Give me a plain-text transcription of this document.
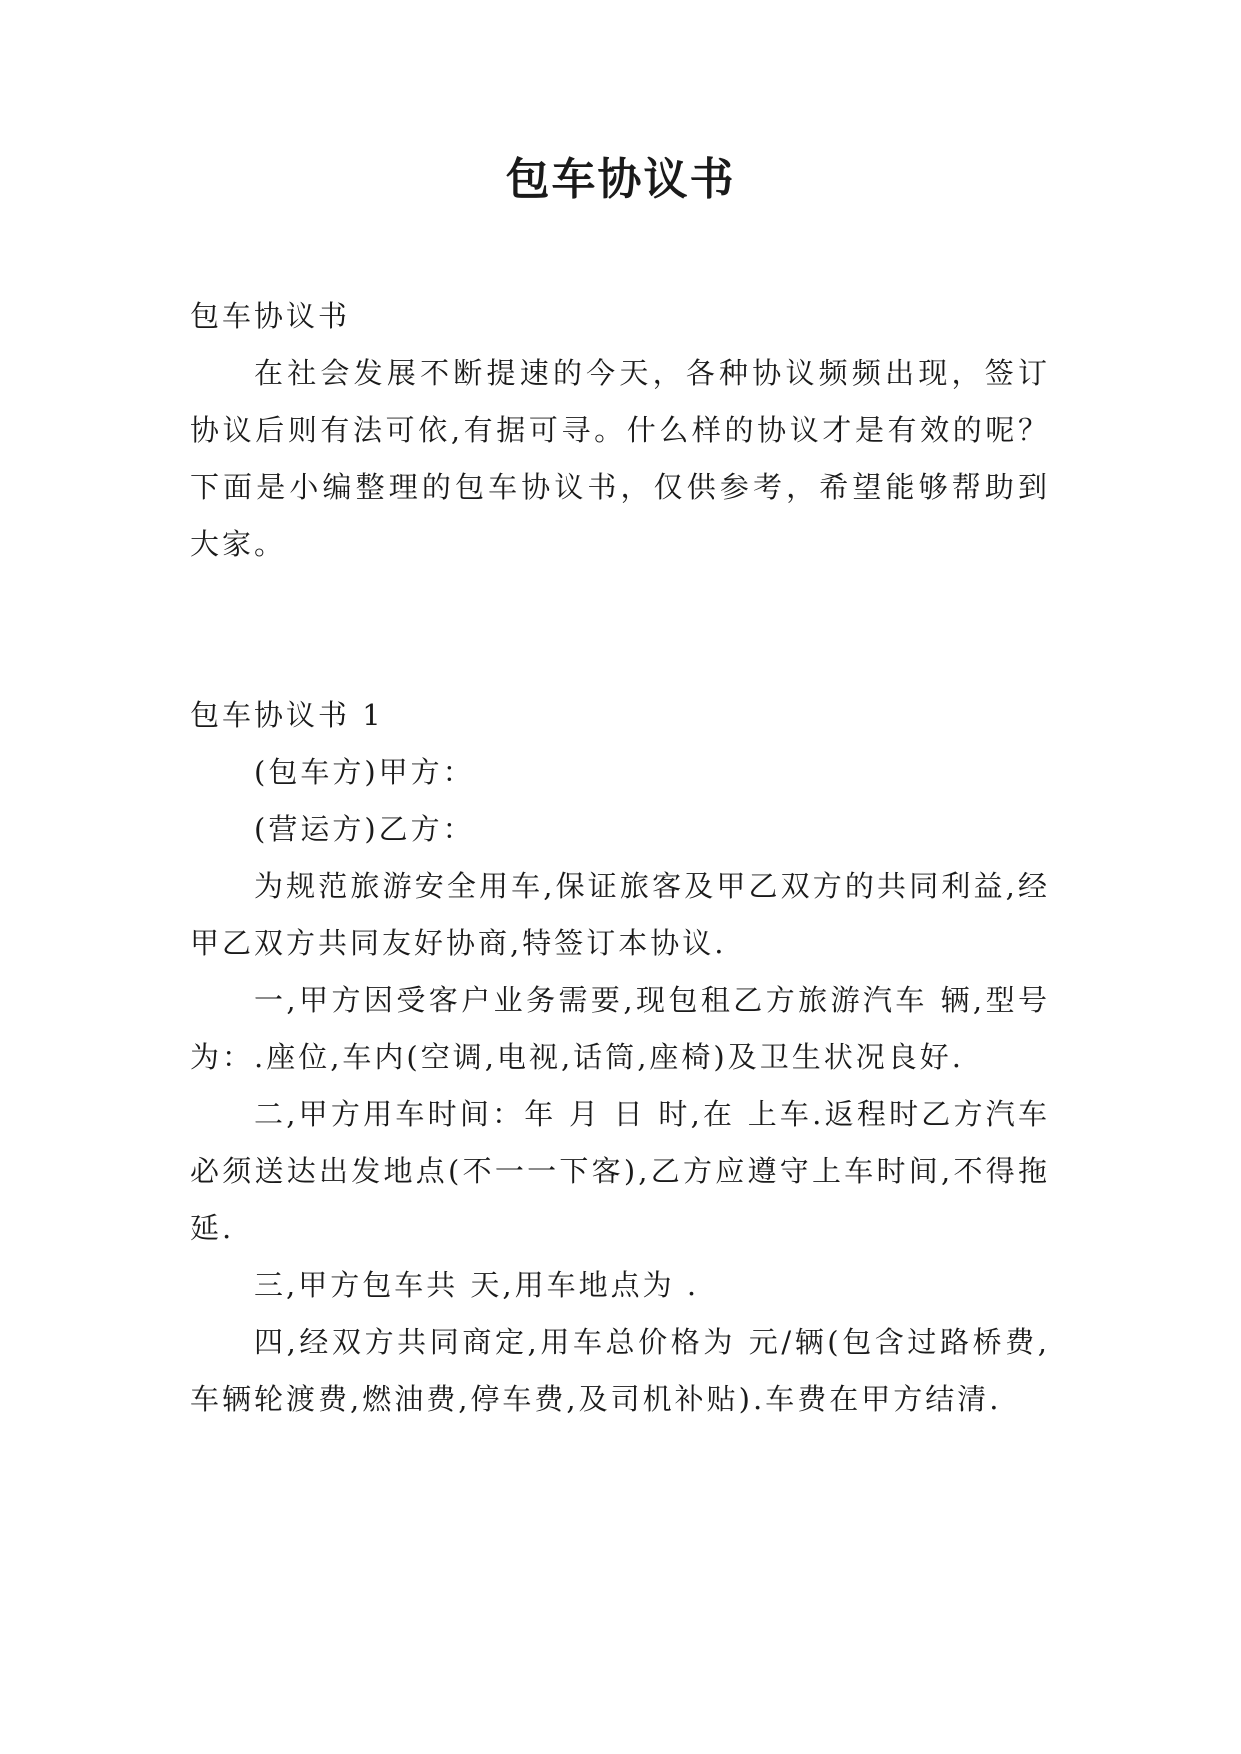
包车协议书

包车协议书

在社会发展不断提速的今天，各种协议频频出现，签订协议后则有法可依,有据可寻。什么样的协议才是有效的呢？下面是小编整理的包车协议书，仅供参考，希望能够帮助到大家。

包车协议书 1

(包车方)甲方：

(营运方)乙方：

为规范旅游安全用车,保证旅客及甲乙双方的共同利益,经甲乙双方共同友好协商,特签订本协议.

一,甲方因受客户业务需要,现包租乙方旅游汽车 辆,型号为：.座位,车内(空调,电视,话筒,座椅)及卫生状况良好.

二,甲方用车时间：年 月 日 时,在 上车.返程时乙方汽车必须送达出发地点(不一一下客),乙方应遵守上车时间,不得拖延.

三,甲方包车共 天,用车地点为 .

四,经双方共同商定,用车总价格为 元/辆(包含过路桥费,车辆轮渡费,燃油费,停车费,及司机补贴).车费在甲方结清.
